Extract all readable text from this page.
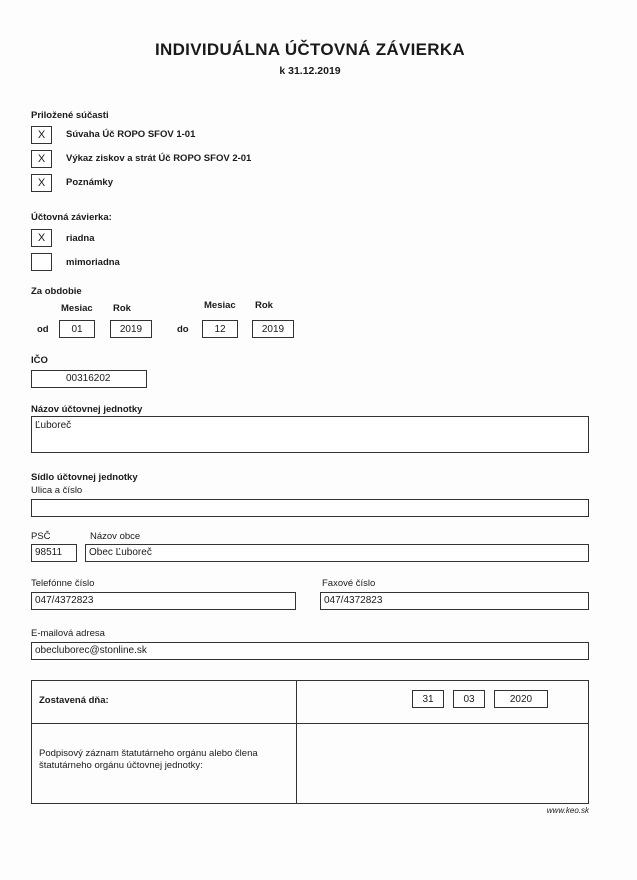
INDIVIDUÁLNA ÚČTOVNÁ ZÁVIERKA
k 31.12.2019
Priložené súčasti
X	Súvaha Úč ROPO SFOV 1-01
X	Výkaz ziskov a strát Úč ROPO SFOV 2-01
X	Poznámky
Účtovná závierka:
X	riadna
mimoriadna
Za obdobie
Mesiac Rok	Mesiac Rok
od	01	2019	do	12	2019
IČO
00316202
Názov účtovnej jednotky
Ľuboreč
Sídlo účtovnej jednotky
Ulica a číslo
PSČ	Názov obce
98511	Obec Ľuboreč
Telefónne číslo	Faxové číslo
047/4372823	047/4372823
E-mailová adresa
obecluborec@stonline.sk
Zostavená dňa:	31	03	2020
Podpisový záznam štatutárneho orgánu alebo člena
štatutárneho orgánu účtovnej jednotky:
www.keo.sk
